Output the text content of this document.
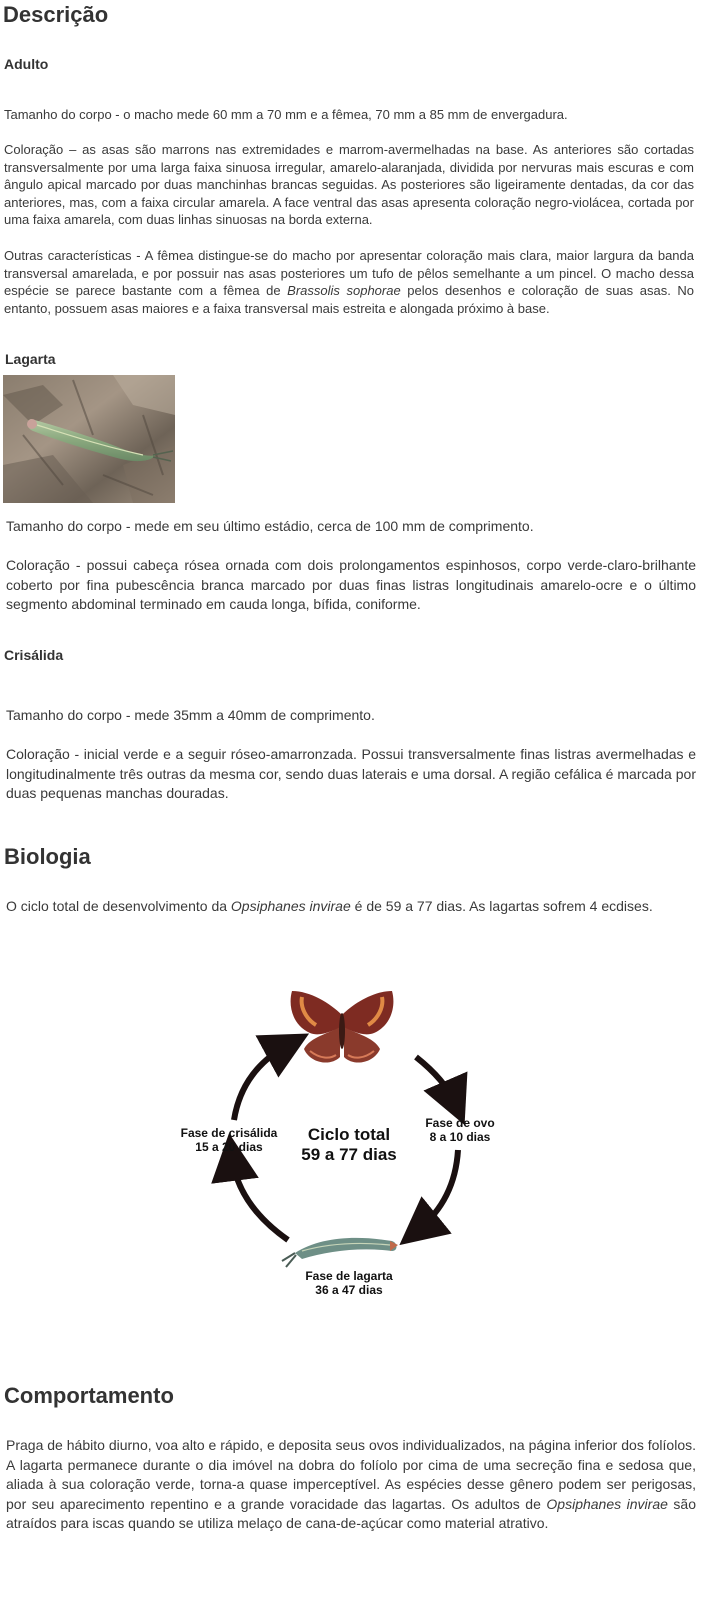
Descrição
Adulto

Tamanho do corpo - o macho mede 60 mm a 70 mm e a fêmea, 70 mm a 85 mm de envergadura.

Coloração – as asas são marrons nas extremidades e marrom-avermelhadas na base. As anteriores são cortadas transversalmente por uma larga faixa sinuosa irregular, amarelo-alaranjada, dividida por nervuras mais escuras e com ângulo apical marcado por duas manchinhas brancas seguidas. As posteriores são ligeiramente dentadas, da cor das anteriores, mas, com a faixa circular amarela. A face ventral das asas apresenta coloração negro-violácea, cortada por uma faixa amarela, com duas linhas sinuosas na borda externa.

Outras características - A fêmea distingue-se do macho por apresentar coloração mais clara, maior largura da banda transversal amarelada, e por possuir nas asas posteriores um tufo de pêlos semelhante a um pincel. O macho dessa espécie se parece bastante com a fêmea de Brassolis sophorae pelos desenhos e coloração de suas asas. No entanto, possuem asas maiores e a faixa transversal mais estreita e alongada próximo à base.

Lagarta

Tamanho do corpo - mede em seu último estádio, cerca de 100 mm de comprimento.

Coloração - possui cabeça rósea ornada com dois prolongamentos espinhosos, corpo verde-claro-brilhante coberto por fina pubescência branca marcado por duas finas listras longitudinais amarelo-ocre e o último segmento abdominal terminado em cauda longa, bífida, coniforme.

Crisálida

Tamanho do corpo - mede 35mm a 40mm de comprimento.

Coloração - inicial verde e a seguir róseo-amarronzada. Possui transversalmente finas listras avermelhadas e longitudinalmente três outras da mesma cor, sendo duas laterais e uma dorsal. A região cefálica é marcada por duas pequenas manchas douradas.

Biologia

O ciclo total de desenvolvimento da Opsiphanes invirae é de 59 a 77 dias. As lagartas sofrem 4 ecdises.

Ciclo total
59 a 77 dias
Fase de ovo
8 a 10 dias
Fase de lagarta
36 a 47 dias
Fase de crisálida
15 a 20 dias
Comportamento

Praga de hábito diurno, voa alto e rápido, e deposita seus ovos individualizados, na página inferior dos folíolos. A lagarta permanece durante o dia imóvel na dobra do folíolo por cima de uma secreção fina e sedosa que, aliada à sua coloração verde, torna-a quase imperceptível. As espécies desse gênero podem ser perigosas, por seu aparecimento repentino e a grande voracidade das lagartas. Os adultos de Opsiphanes invirae são atraídos para iscas quando se utiliza melaço de cana-de-açúcar como material atrativo.
